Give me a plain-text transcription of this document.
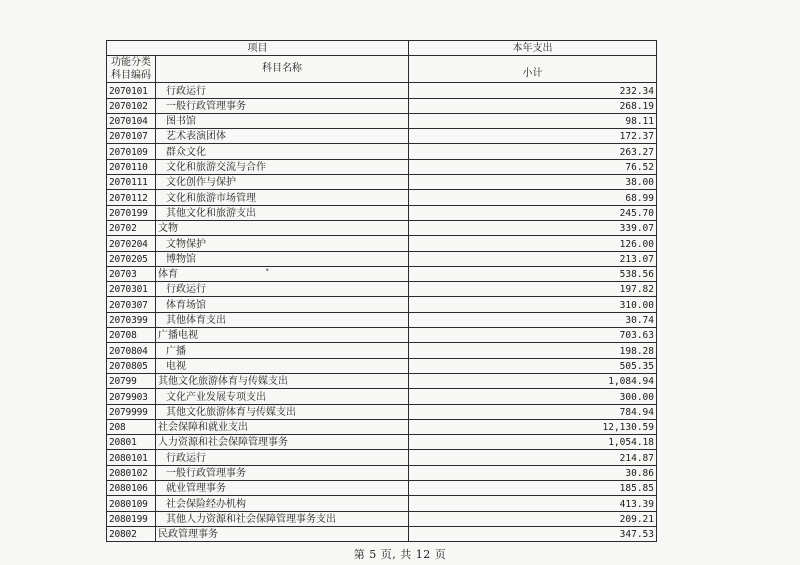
项目		本年支出

功能分类
科目编码	科目名称	小计
2070101	行政运行	232.34
2070102	一般行政管理事务	268.19
2070104	图书馆	98.11
2070107	艺术表演团体	172.37
2070109	群众文化	263.27
2070110	文化和旅游交流与合作	76.52
2070111	文化创作与保护	38.00
2070112	文化和旅游市场管理	68.99
2070199	其他文化和旅游支出	245.70
20702	文物	339.07
2070204	文物保护	126.00
2070205	博物馆	213.07
20703	体育	538.56
2070301	行政运行	197.82
2070307	体育场馆	310.00
2070399	其他体育支出	30.74
20708	广播电视	703.63
2070804	广播	198.28
2070805	电视	505.35
20799	其他文化旅游体育与传媒支出	1,084.94
2079903	文化产业发展专项支出	300.00
2079999	其他文化旅游体育与传媒支出	784.94
208	社会保障和就业支出	12,130.59
20801	人力资源和社会保障管理事务	1,054.18
2080101	行政运行	214.87
2080102	一般行政管理事务	30.86
2080106	就业管理事务	185.85
2080109	社会保险经办机构	413.39
2080199	其他人力资源和社会保障管理事务支出	209.21
20802	民政管理事务	347.53
•
第 5 页, 共 12 页
